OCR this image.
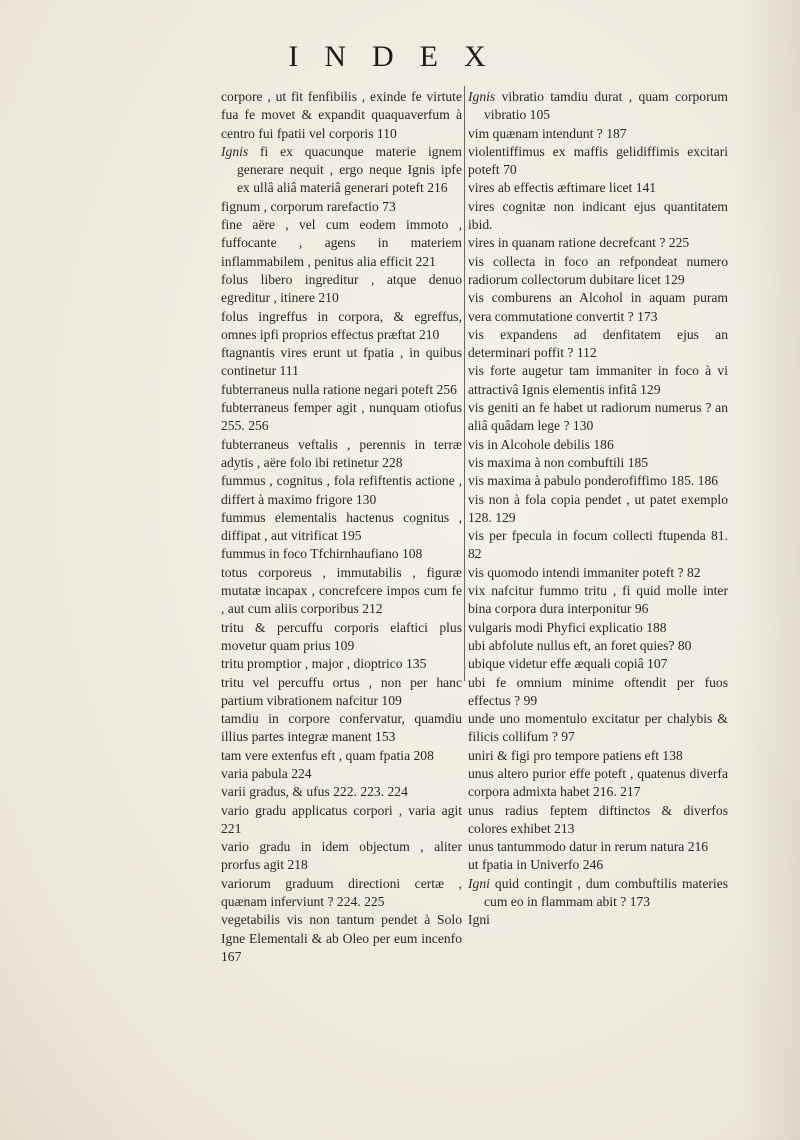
INDEX

corpore , ut fit fenfibilis , exinde fe virtute fua fe movet & expandit quaquaverfum à centro fui fpatii vel corporis 110

Ignis fi ex quacunque materie ignem generare nequit , ergo neque Ignis ipfe ex ullâ aliâ materiâ generari poteft 216

fignum , corporum rarefactio 73

fine aëre , vel cum eodem immoto , fuffocante , agens in materiem inflammabilem , penitus alia efficit 221

folus libero ingreditur , atque denuo egreditur , itinere 210

folus ingreffus in corpora, & egreffus, omnes ipfi proprios effectus præftat 210

ftagnantis vires erunt ut fpatia , in quibus continetur 111

fubterraneus nulla ratione negari poteft 256

fubterraneus femper agit , nunquam otiofus 255. 256

fubterraneus veftalis , perennis in terræ adytis , aëre folo ibi retinetur 228

fummus , cognitus , fola refiftentis actione , differt à maximo frigore 130

fummus elementalis hactenus cognitus , diffipat , aut vitrificat 195

fummus in foco Tfchirnhaufiano 108

totus corporeus , immutabilis , figuræ mutatæ incapax , concrefcere impos cum fe , aut cum aliis corporibus 212

tritu & percuffu corporis elaftici plus movetur quam prius 109

tritu promptior , major , dioptrico 135

tritu vel percuffu ortus , non per hanc partium vibrationem nafcitur 109

tamdiu in corpore confervatur, quamdiu illius partes integræ manent 153

tam vere extenfus eft , quam fpatia 208

varia pabula 224

varii gradus, & ufus 222. 223. 224

vario gradu applicatus corpori , varia agit 221

vario gradu in idem objectum , aliter prorfus agit 218

variorum graduum directioni certæ , quænam inferviunt ? 224. 225

vegetabilis vis non tantum pendet à Solo Igne Elementali & ab Oleo per eum incenfo 167

Ignis vibratio tamdiu durat , quam corporum vibratio 105

vim quænam intendunt ? 187

violentiffimus ex maffis gelidiffimis excitari poteft 70

vires ab effectis æftimare licet 141

vires cognitæ non indicant ejus quantitatem ibid.

vires in quanam ratione decrefcant ? 225

vis collecta in foco an refpondeat numero radiorum collectorum dubitare licet 129

vis comburens an Alcohol in aquam puram vera commutatione convertit ? 173

vis expandens ad denfitatem ejus an determinari poffit ? 112

vis forte augetur tam immaniter in foco à vi attractivâ Ignis elementis infitâ 129

vis geniti an fe habet ut radiorum numerus ? an aliâ quâdam lege ? 130

vis in Alcohole debilis 186

vis maxima à non combuftili 185

vis maxima à pabulo ponderofiffimo 185. 186

vis non à fola copia pendet , ut patet exemplo 128. 129

vis per fpecula in focum collecti ftupenda 81. 82

vis quomodo intendi immaniter poteft ? 82

vix nafcitur fummo tritu , fi quid molle inter bina corpora dura interponitur 96

vulgaris modi Phyfici explicatio 188

ubi abfolute nullus eft, an foret quies? 80

ubique videtur effe æquali copiâ 107

ubi fe omnium minime oftendit per fuos effectus ? 99

unde uno momentulo excitatur per chalybis & filicis collifum ? 97

uniri & figi pro tempore patiens eft 138

unus altero purior effe poteft , quatenus diverfa corpora admixta habet 216. 217

unus radius feptem diftinctos & diverfos colores exhibet 213

unus tantummodo datur in rerum natura 216

ut fpatia in Univerfo 246

Igni quid contingit , dum combuftilis materies cum eo in flammam abit ? 173

Igni
